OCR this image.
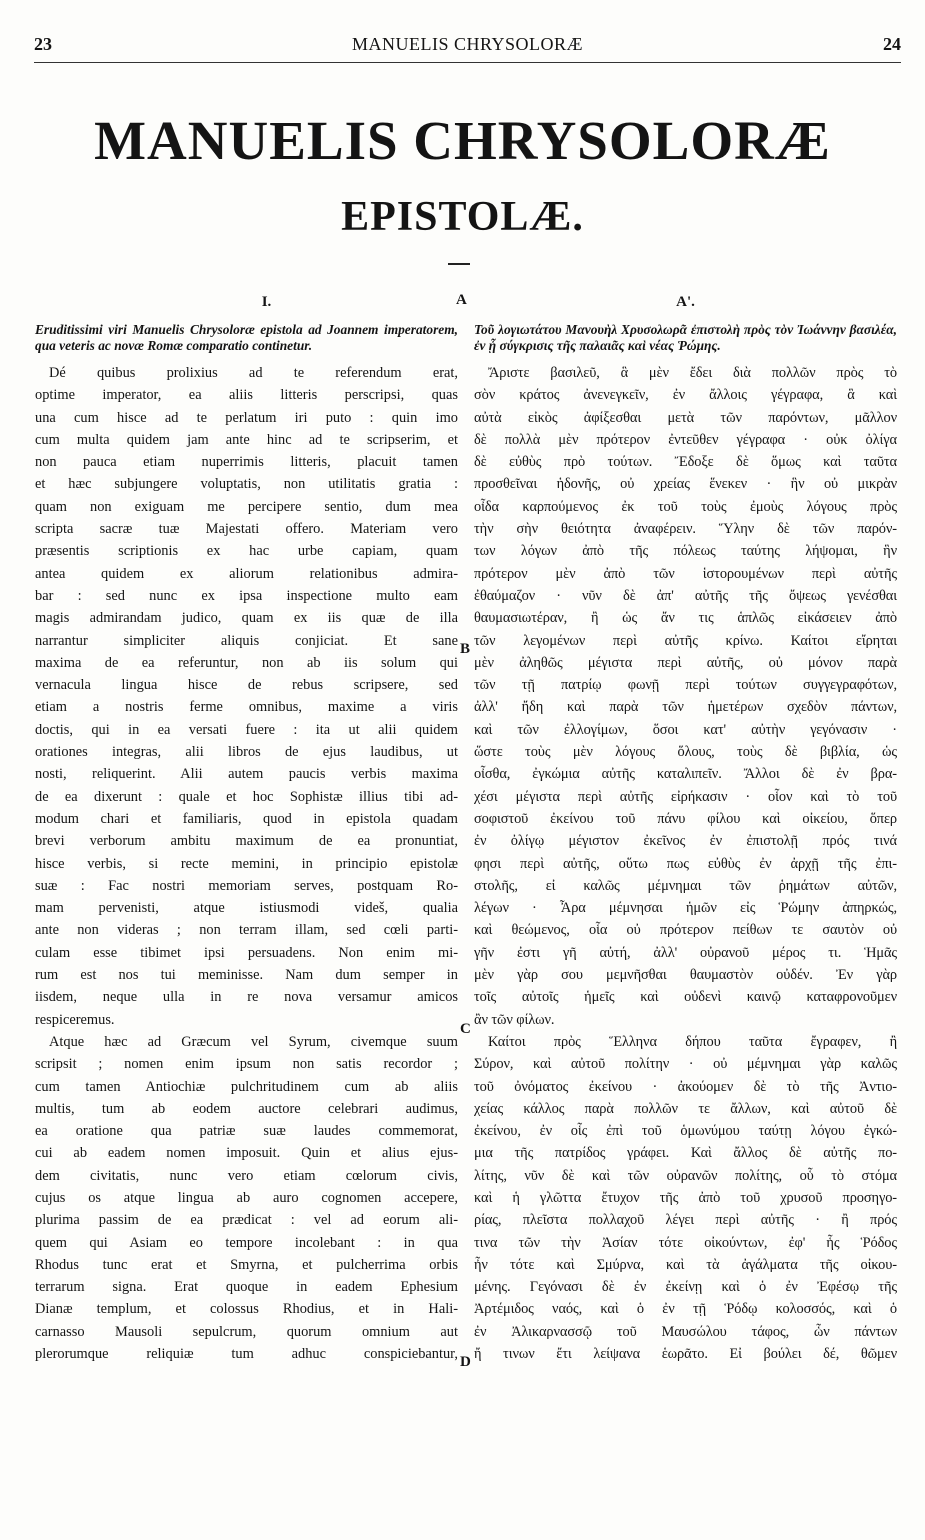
23	MANUELIS CHRYSOLORÆ	24
MANUELIS CHRYSOLORÆ
EPISTOLÆ.
I.
Eruditissimi viri Manuelis Chrysoloræ epistola ad Joannem imperatorem, qua veteris ac novæ Romæ comparatio continetur.
Dé quibus prolixius ad te referendum erat,
optime imperator, ea aliis litteris perscripsi, quas
una cum hisce ad te perlatum iri puto : quin imo
cum multa quidem jam ante hinc ad te scripserim, et
non pauca etiam nuperrimis litteris, placuit tamen
et hæc subjungere voluptatis, non utilitatis gratia :
quam non exiguam me percipere sentio, dum mea
scripta sacræ tuæ Majestati offero. Materiam vero
præsentis scriptionis ex hac urbe capiam, quam
antea quidem ex aliorum relationibus admira-
bar : sed nunc ex ipsa inspectione multo eam
magis admirandam judico, quam ex iis quæ de illa
narrantur simpliciter aliquis conjiciat. Et sane
maxima de ea referuntur, non ab iis solum qui
vernacula lingua hisce de rebus scripsere, sed
etiam a nostris ferme omnibus, maxime a viris
doctis, qui in ea versati fuere : ita ut alii quidem
orationes integras, alii libros de ejus laudibus, ut
nosti, reliquerint. Alii autem paucis verbis maxima
de ea dixerunt : quale et hoc Sophistæ illius tibi ad-
modum chari et familiaris, quod in epistola quadam
brevi verborum ambitu maximum de ea pronuntiat,
hisce verbis, si recte memini, in principio epistolæ
suæ : Fac nostri memoriam serves, postquam Ro-
mam pervenisti, atque istiusmodi videš, qualia
ante non videras ; non terram illam, sed cœli parti-
culam esse tibimet ipsi persuadens. Non enim mi-
rum est nos tui meminisse. Nam dum semper in
iisdem, neque ulla in re nova versamur amicos
respiceremus.
Atque hæc ad Græcum vel Syrum, civemque suum
scripsit ; nomen enim ipsum non satis recordor ;
cum tamen Antiochiæ pulchritudinem cum ab aliis
multis, tum ab eodem auctore celebrari audimus,
ea oratione qua patriæ suæ laudes commemorat,
cui ab eadem nomen imposuit. Quin et alius ejus-
dem civitatis, nunc vero etiam cœlorum civis,
cujus os atque lingua ab auro cognomen accepere,
plurima passim de ea prædicat : vel ad eorum ali-
quem qui Asiam eo tempore incolebant : in qua
Rhodus tunc erat et Smyrna, et pulcherrima orbis
terrarum signa. Erat quoque in eadem Ephesium
Dianæ templum, et colossus Rhodius, et in Hali-
carnasso Mausoli sepulcrum, quorum omnium aut
plerorumque reliquiæ tum adhuc conspiciebantur,
Α'.
Τοῦ λογιωτάτου Μανουὴλ Χρυσολωρᾶ ἐπιστολὴ πρὸς τὸν Ἰωάννην βασιλέα, ἐν ᾗ σύγκρισις τῆς παλαιᾶς καὶ νέας Ῥώμης.
Ἄριστε βασιλεῦ, ἃ μὲν ἔδει διὰ πολλῶν πρὸς τὸ
σὸν κράτος ἀνενεγκεῖν, ἐν ἄλλοις γέγραφα, ἃ καὶ
αὐτὰ εἰκὸς ἀφίξεσθαι μετὰ τῶν παρόντων, μᾶλλον
δὲ πολλὰ μὲν πρότερον ἐντεῦθεν γέγραφα · οὐκ ὀλίγα
δὲ εὐθὺς πρὸ τούτων. Ἔδοξε δὲ ὅμως καὶ ταῦτα
προσθεῖναι ἡδονῆς, οὐ χρείας ἕνεκεν · ἣν οὐ μικρὰν
οἶδα καρπούμενος ἐκ τοῦ τοὺς ἐμοὺς λόγους πρὸς
τὴν σὴν θειότητα ἀναφέρειν. Ὕλην δὲ τῶν παρόν-
των λόγων ἀπὸ τῆς πόλεως ταύτης λήψομαι, ἣν
πρότερον μὲν ἀπὸ τῶν ἱστορουμένων περὶ αὐτῆς
ἐθαύμαζον · νῦν δὲ ἀπ' αὐτῆς τῆς ὄψεως γενέσθαι
θαυμασιωτέραν, ἢ ὡς ἄν τις ἁπλῶς εἰκάσειεν ἀπὸ
τῶν λεγομένων περὶ αὐτῆς κρίνω. Καίτοι εἴρηται
μὲν ἀληθῶς μέγιστα περὶ αὐτῆς, οὐ μόνον παρὰ
τῶν τῇ πατρίῳ φωνῇ περὶ τούτων συγγεγραφότων,
ἀλλ' ἤδη καὶ παρὰ τῶν ἡμετέρων σχεδὸν πάντων,
καὶ τῶν ἐλλογίμων, ὅσοι κατ' αὐτὴν γεγόνασιν ·
ὥστε τοὺς μὲν λόγους ὅλους, τοὺς δὲ βιβλία, ὡς
οἶσθα, ἐγκώμια αὐτῆς καταλιπεῖν. Ἄλλοι δὲ ἐν βρα-
χέσι μέγιστα περὶ αὐτῆς εἰρήκασιν · οἷον καὶ τὸ τοῦ
σοφιστοῦ ἐκείνου τοῦ πάνυ φίλου καὶ οἰκείου, ὅπερ
ἐν ὀλίγῳ μέγιστον ἐκεῖνος ἐν ἐπιστολῇ πρός τινά
φησι περὶ αὐτῆς, οὕτω πως εὐθὺς ἐν ἀρχῇ τῆς ἐπι-
στολῆς, εἰ καλῶς μέμνημαι τῶν ῥημάτων αὐτῶν,
λέγων · Ἆρα μέμνησαι ἡμῶν εἰς Ῥώμην ἀπηρκώς,
καὶ θεώμενος, οἷα οὐ πρότερον πείθων τε σαυτὸν οὐ
γῆν ἐστι γῆ αὐτή, ἀλλ' οὐρανοῦ μέρος τι. Ἡμᾶς
μὲν γὰρ σου μεμνῆσθαι θαυμαστὸν οὐδέν. Ἐν γὰρ
τοῖς αὐτοῖς ἡμεῖς καὶ οὐδενὶ καινῷ καταφρονοῦμεν
ἂν τῶν φίλων.
Καίτοι πρὸς Ἕλληνα δήπου ταῦτα ἔγραφεν, ἢ
Σύρον, καὶ αὐτοῦ πολίτην · οὐ μέμνημαι γὰρ καλῶς
τοῦ ὀνόματος ἐκείνου · ἀκούομεν δὲ τὸ τῆς Ἀντιο-
χείας κάλλος παρὰ πολλῶν τε ἄλλων, καὶ αὐτοῦ δὲ
ἐκείνου, ἐν οἷς ἐπὶ τοῦ ὁμωνύμου ταύτῃ λόγου ἐγκώ-
μια τῆς πατρίδος γράφει. Καὶ ἄλλος δὲ αὐτῆς πο-
λίτης, νῦν δὲ καὶ τῶν οὐρανῶν πολίτης, οὗ τὸ στόμα
καὶ ἡ γλῶττα ἔτυχον τῆς ἀπὸ τοῦ χρυσοῦ προσηγο-
ρίας, πλεῖστα πολλαχοῦ λέγει περὶ αὐτῆς · ἢ πρός
τινα τῶν τὴν Ἀσίαν τότε οἰκούντων, ἐφ' ἧς Ῥόδος
ἦν τότε καὶ Σμύρνα, καὶ τὰ ἀγάλματα τῆς οἰκου-
μένης. Γεγόνασι δὲ ἐν ἐκείνῃ καὶ ὁ ἐν Ἐφέσῳ τῆς
Ἀρτέμιδος ναός, καὶ ὁ ἐν τῇ Ῥόδῳ κολοσσός, καὶ ὁ
ἐν Ἀλικαρνασσῷ τοῦ Μαυσώλου τάφος, ὧν πάντων
ἤ τινων ἔτι λείψανα ἑωρᾶτο. Εἰ βούλει δέ, θῶμεν
A
B
C
D
